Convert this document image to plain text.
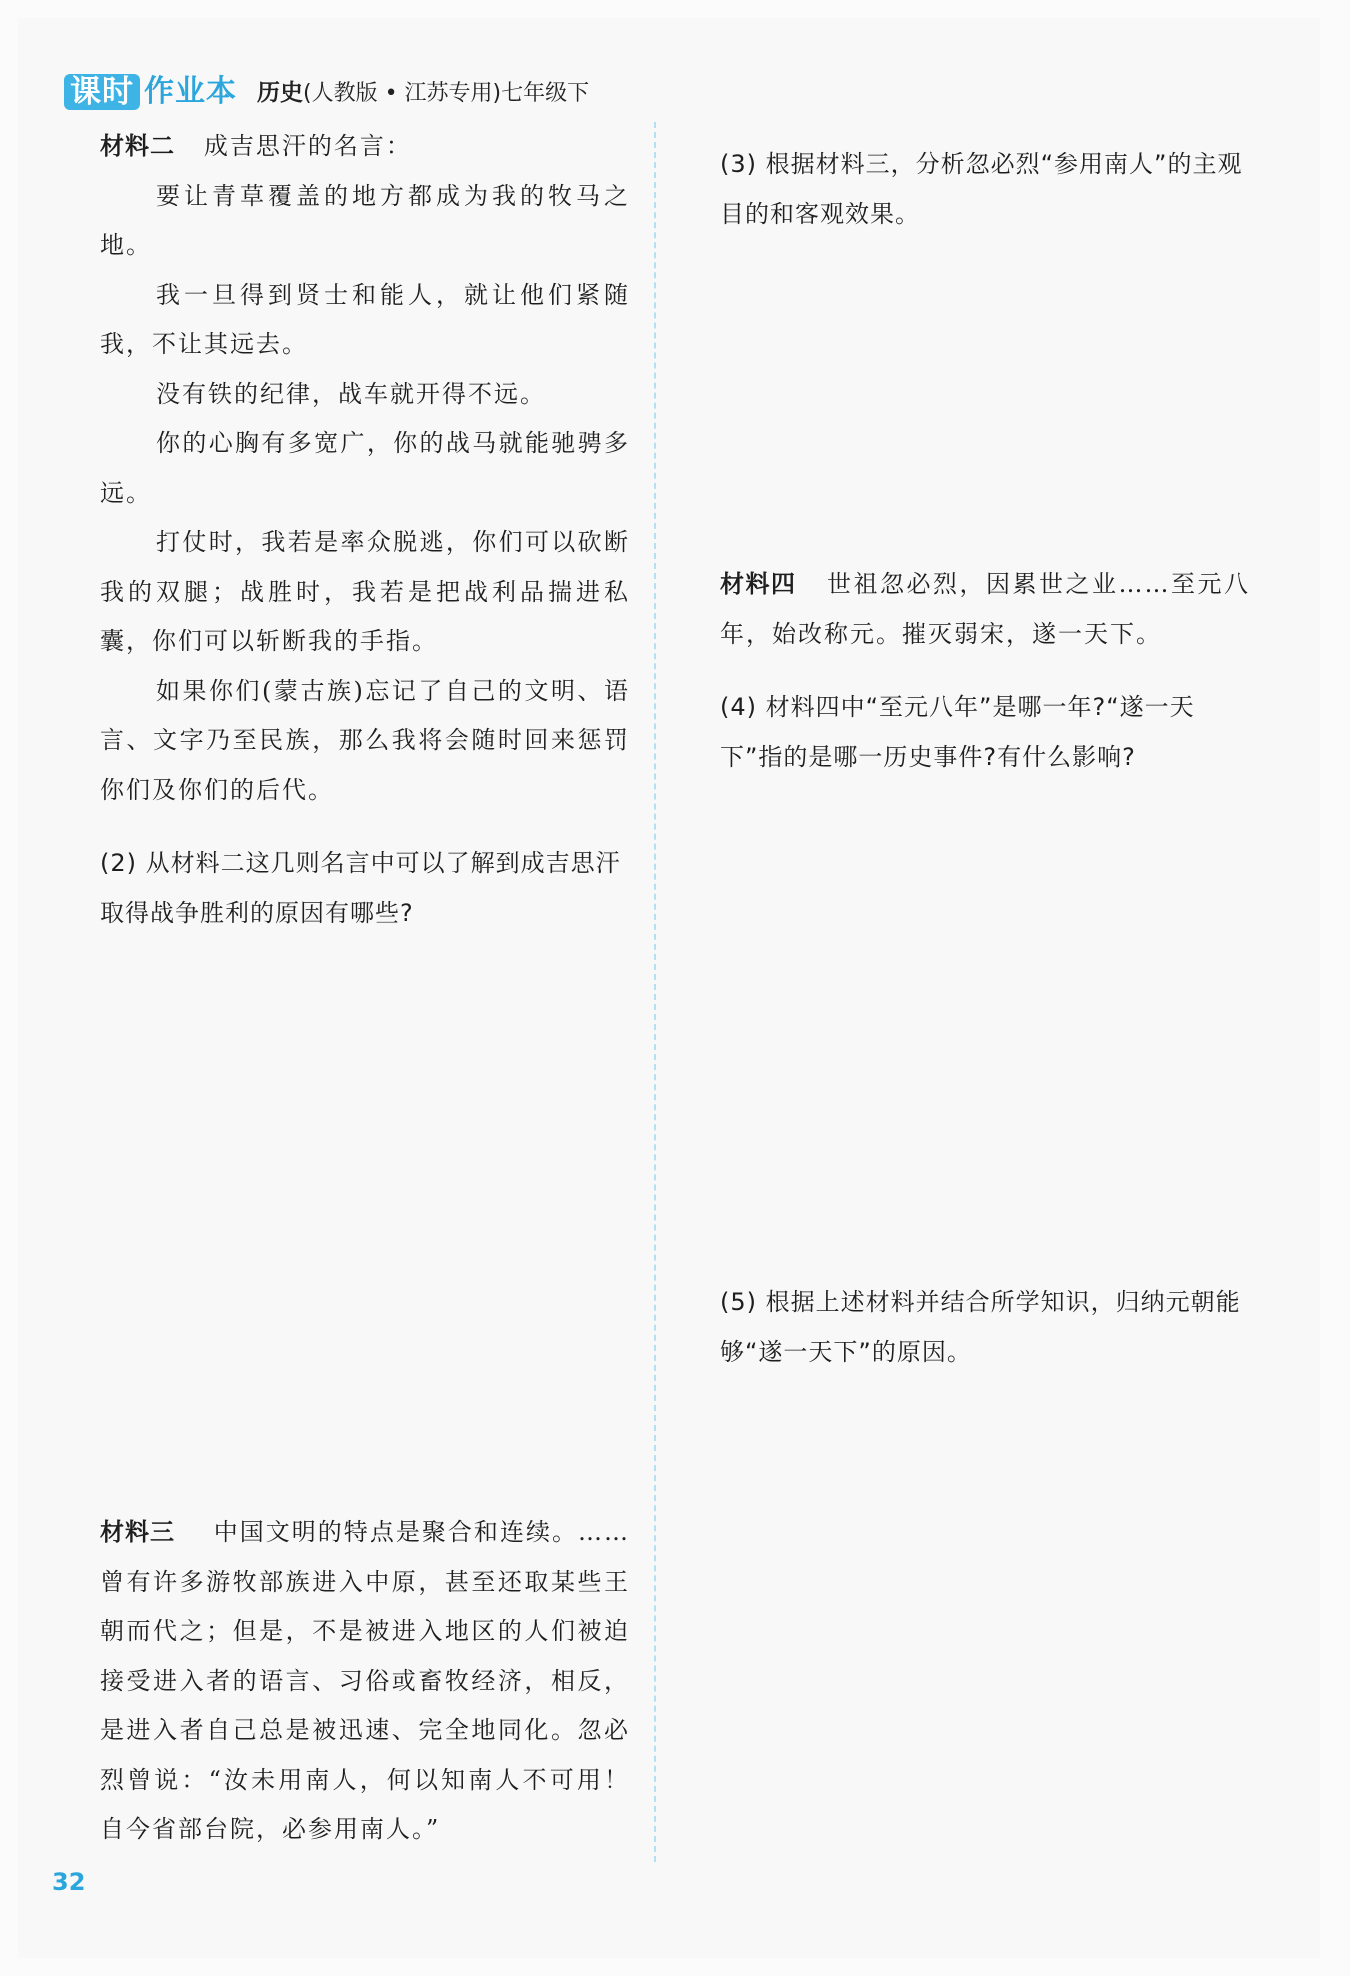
课时 作业本 历史(人教版 • 江苏专用)七年级下

材料二 成吉思汗的名言：

要让青草覆盖的地方都成为我的牧马之地。

我一旦得到贤士和能人，就让他们紧随我，不让其远去。

没有铁的纪律，战车就开得不远。

你的心胸有多宽广，你的战马就能驰骋多远。

打仗时，我若是率众脱逃，你们可以砍断我的双腿；战胜时，我若是把战利品揣进私囊，你们可以斩断我的手指。

如果你们(蒙古族)忘记了自己的文明、语言、文字乃至民族，那么我将会随时回来惩罚你们及你们的后代。

(2) 从材料二这几则名言中可以了解到成吉思汗取得战争胜利的原因有哪些?

材料三 中国文明的特点是聚合和连续。……曾有许多游牧部族进入中原，甚至还取某些王朝而代之；但是，不是被进入地区的人们被迫接受进入者的语言、习俗或畜牧经济，相反，是进入者自己总是被迅速、完全地同化。忽必烈曾说：“汝未用南人，何以知南人不可用！自今省部台院，必参用南人。”

(3) 根据材料三，分析忽必烈“参用南人”的主观目的和客观效果。

材料四 世祖忽必烈，因累世之业……至元八年，始改称元。摧灭弱宋，遂一天下。

(4) 材料四中“至元八年”是哪一年?“遂一天下”指的是哪一历史事件?有什么影响?

(5) 根据上述材料并结合所学知识，归纳元朝能够“遂一天下”的原因。

32
